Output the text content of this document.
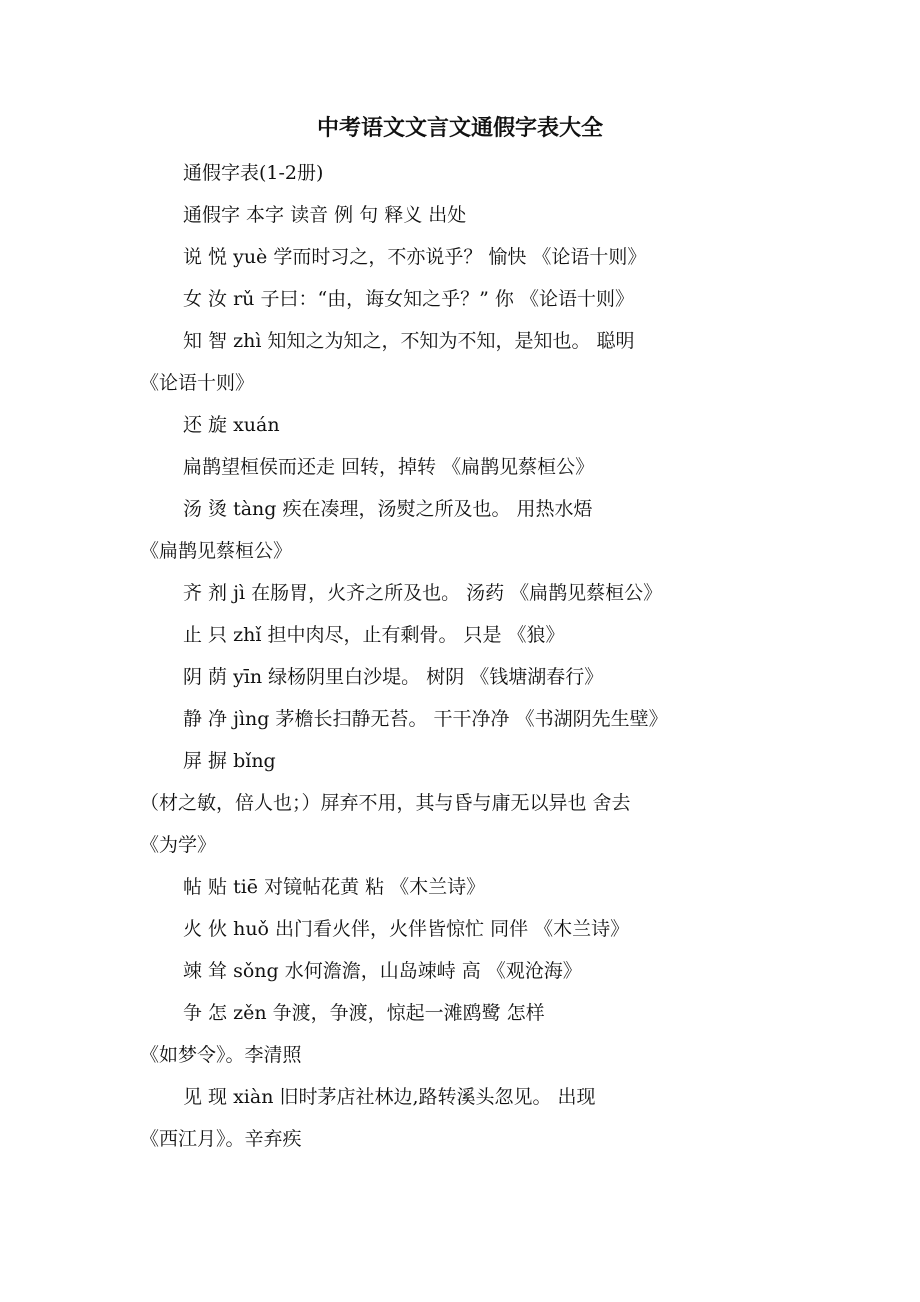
中考语文文言文通假字表大全
通假字表(1-2册)
通假字 本字 读音 例 句 释义 出处
说 悦 yuè 学而时习之，不亦说乎？ 愉快 《论语十则》
女 汝 rǔ 子曰：“由，诲女知之乎？” 你 《论语十则》
知 智 zhì 知知之为知之，不知为不知，是知也。 聪明
《论语十则》
还 旋 xuán
扁鹊望桓侯而还走 回转，掉转 《扁鹊见蔡桓公》
汤 烫 tàng 疾在凑理，汤熨之所及也。 用热水焐
《扁鹊见蔡桓公》
齐 剂 jì 在肠胃，火齐之所及也。 汤药 《扁鹊见蔡桓公》
止 只 zhǐ 担中肉尽，止有剩骨。 只是 《狼》
阴 荫 yīn 绿杨阴里白沙堤。 树阴 《钱塘湖春行》
静 净 jìng 茅檐长扫静无苔。 干干净净 《书湖阴先生壁》
屏 摒 bǐng
（材之敏，倍人也；）屏弃不用，其与昏与庸无以异也 舍去
《为学》
帖 贴 tiē 对镜帖花黄 粘 《木兰诗》
火 伙 huǒ 出门看火伴，火伴皆惊忙 同伴 《木兰诗》
竦 耸 sǒng 水何澹澹，山岛竦峙 高 《观沧海》
争 怎 zěn 争渡，争渡，惊起一滩鸥鹭 怎样
《如梦令》。李清照
见 现 xiàn 旧时茅店社林边,路转溪头忽见。 出现
《西江月》。辛弃疾
